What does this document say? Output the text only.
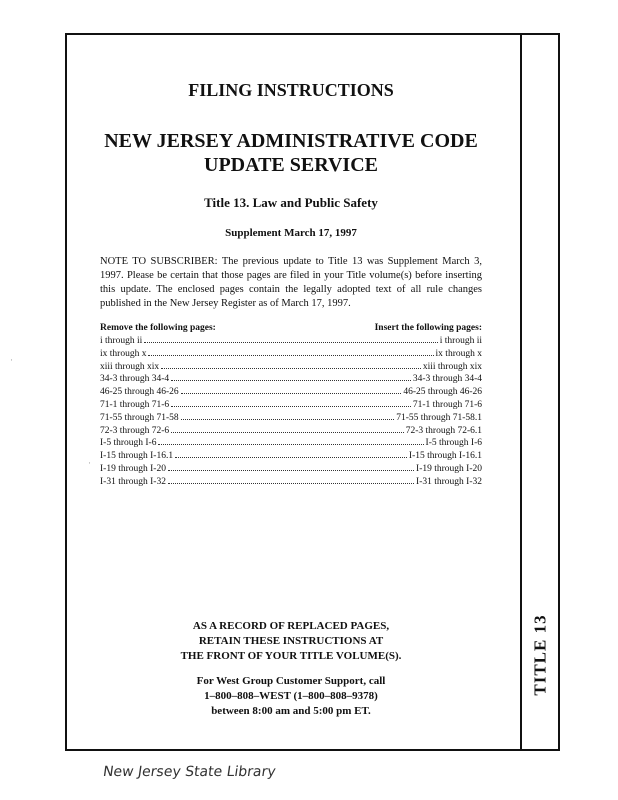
TITLE 13
FILING INSTRUCTIONS
NEW JERSEY ADMINISTRATIVE CODE
UPDATE SERVICE
Title 13. Law and Public Safety
Supplement March 17, 1997
NOTE TO SUBSCRIBER: The previous update to Title 13 was Supplement March 3, 1997. Please be certain that those pages are filed in your Title volume(s) before inserting this update. The enclosed pages contain the legally adopted text of all rule changes published in the New Jersey Register as of March 17, 1997.
Remove the following pages:	Insert the following pages:
i through ii	i through ii
ix through x	ix through x
xiii through xix	xiii through xix
34-3 through 34-4	34-3 through 34-4
46-25 through 46-26	46-25 through 46-26
71-1 through 71-6	71-1 through 71-6
71-55 through 71-58	71-55 through 71-58.1
72-3 through 72-6	72-3 through 72-6.1
I-5 through I-6	I-5 through I-6
I-15 through I-16.1	I-15 through I-16.1
I-19 through I-20	I-19 through I-20
I-31 through I-32	I-31 through I-32
AS A RECORD OF REPLACED PAGES,
RETAIN THESE INSTRUCTIONS AT
THE FRONT OF YOUR TITLE VOLUME(S).
For West Group Customer Support, call
1–800–808–WEST (1–800–808–9378)
between 8:00 am and 5:00 pm ET.
·
·
New Jersey State Library
